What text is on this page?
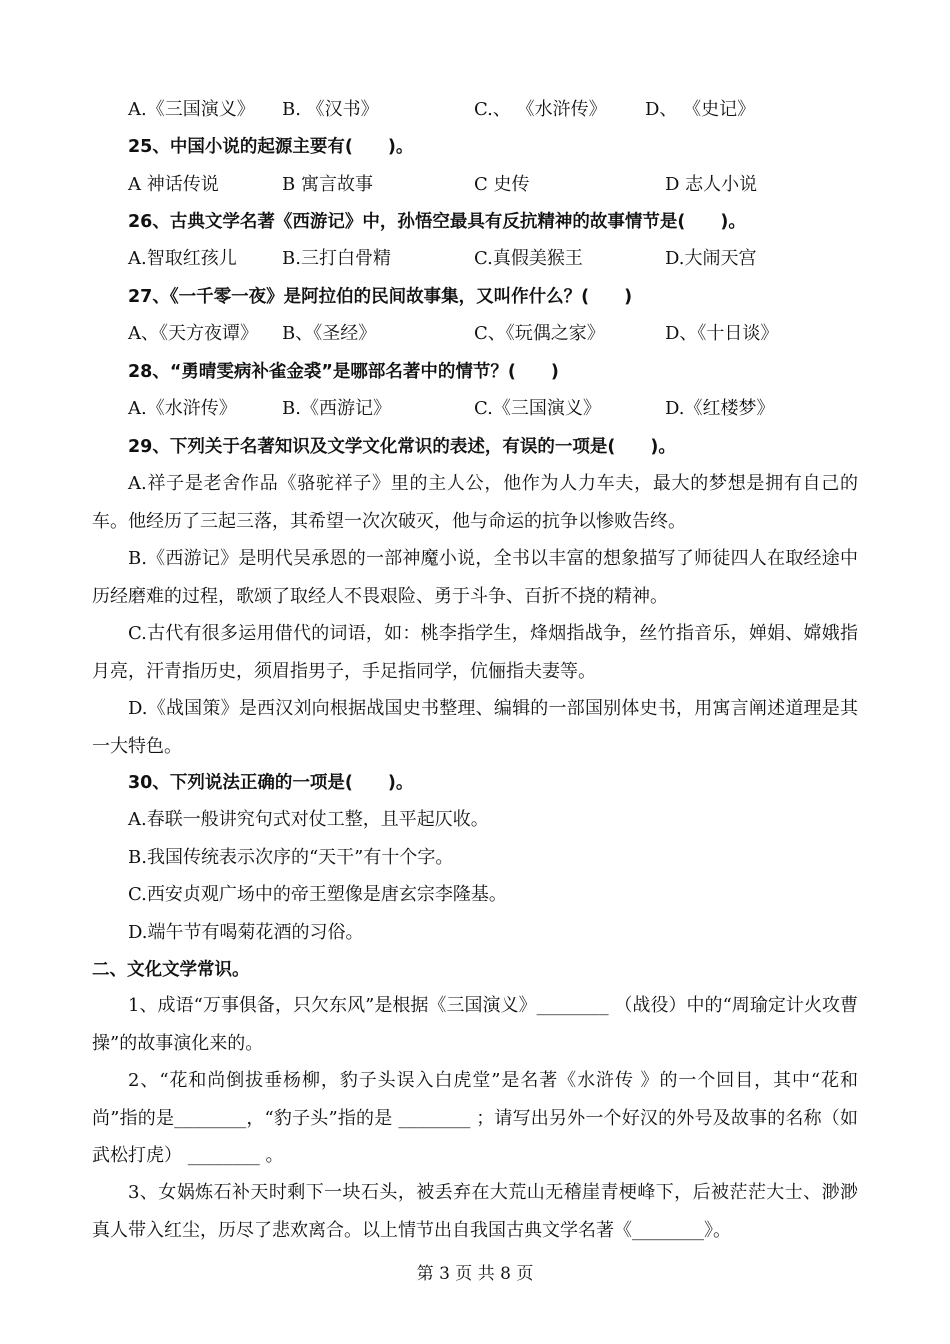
A.《三国演义》 B. 《汉书》	C.、 《水浒传》 D、 《史记》
25、中国小说的起源主要有(　　)。
A 神话传说	B 寓言故事	C 史传	D 志人小说
26、古典文学名著《西游记》中，孙悟空最具有反抗精神的故事情节是(　　)。
A.智取红孩儿	B.三打白骨精	C.真假美猴王	D.大闹天宫
27、《一千零一夜》是阿拉伯的民间故事集，又叫作什么？(　　)
A、《天方夜谭》 B、《圣经》	C、《玩偶之家》	D、《十日谈》
28、“勇晴雯病补雀金裘”是哪部名著中的情节？(　　)
A.《水浒传》	B.《西游记》	C.《三国演义》	D.《红楼梦》
29、下列关于名著知识及文学文化常识的表述，有误的一项是(　　)。

A.祥子是老舍作品《骆驼祥子》里的主人公，他作为人力车夫，最大的梦想是拥有自己的车。他经历了三起三落，其希望一次次破灭，他与命运的抗争以惨败告终。

B.《西游记》是明代吴承恩的一部神魔小说，全书以丰富的想象描写了师徒四人在取经途中历经磨难的过程，歌颂了取经人不畏艰险、勇于斗争、百折不挠的精神。

C.古代有很多运用借代的词语，如：桃李指学生，烽烟指战争，丝竹指音乐，婵娟、嫦娥指月亮，汗青指历史，须眉指男子，手足指同学，伉俪指夫妻等。

D.《战国策》是西汉刘向根据战国史书整理、编辑的一部国别体史书，用寓言阐述道理是其一大特色。

30、下列说法正确的一项是(　　)。
A.春联一般讲究句式对仗工整，且平起仄收。
B.我国传统表示次序的“天干”有十个字。
C.西安贞观广场中的帝王塑像是唐玄宗李隆基。
D.端午节有喝菊花酒的习俗。
二、文化文学常识。

1、成语“万事俱备，只欠东风”是根据《三国演义》________ （战役）中的“周瑜定计火攻曹操”的故事演化来的。

2、“花和尚倒拔垂杨柳，豹子头误入白虎堂”是名著《水浒传 》的一个回目，其中“花和尚”指的是________，“豹子头”指的是 ________ ；请写出另外一个好汉的外号及故事的名称（如武松打虎） ________ 。

3、女娲炼石补天时剩下一块石头，被丢弃在大荒山无稽崖青梗峰下，后被茫茫大士、渺渺真人带入红尘，历尽了悲欢离合。以上情节出自我国古典文学名著《________》。

第 3 页 共 8 页
